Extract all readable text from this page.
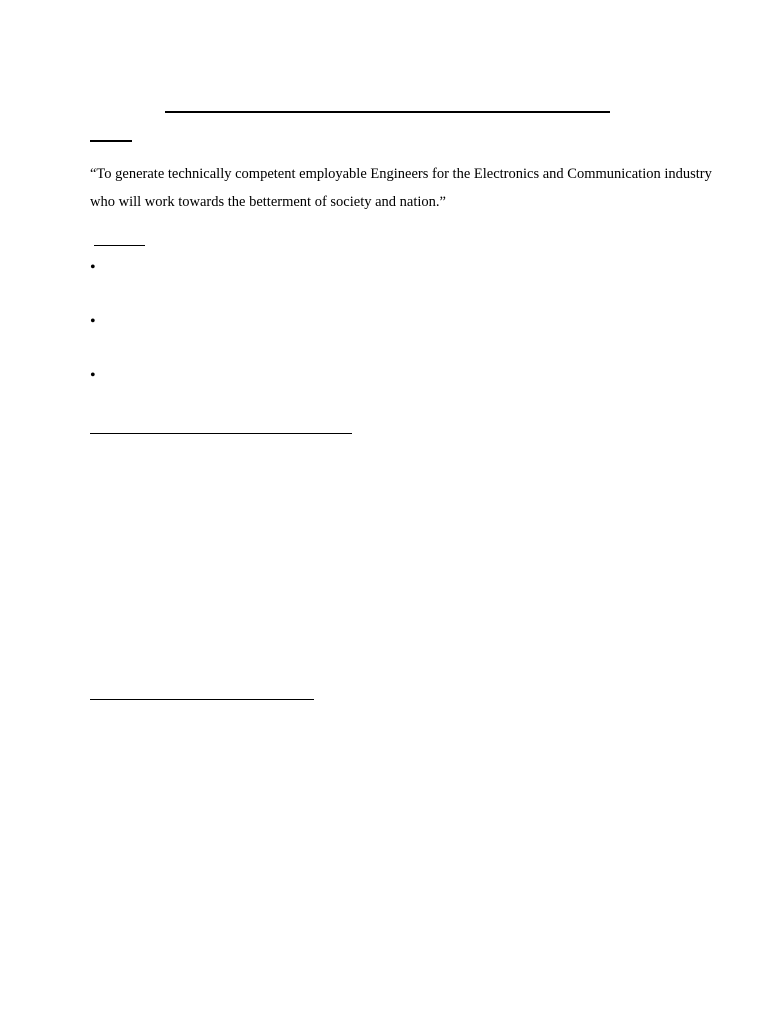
“To generate technically competent employable Engineers for the Electronics and Communication industry who will work towards the betterment of society and nation.”

•
•
•
